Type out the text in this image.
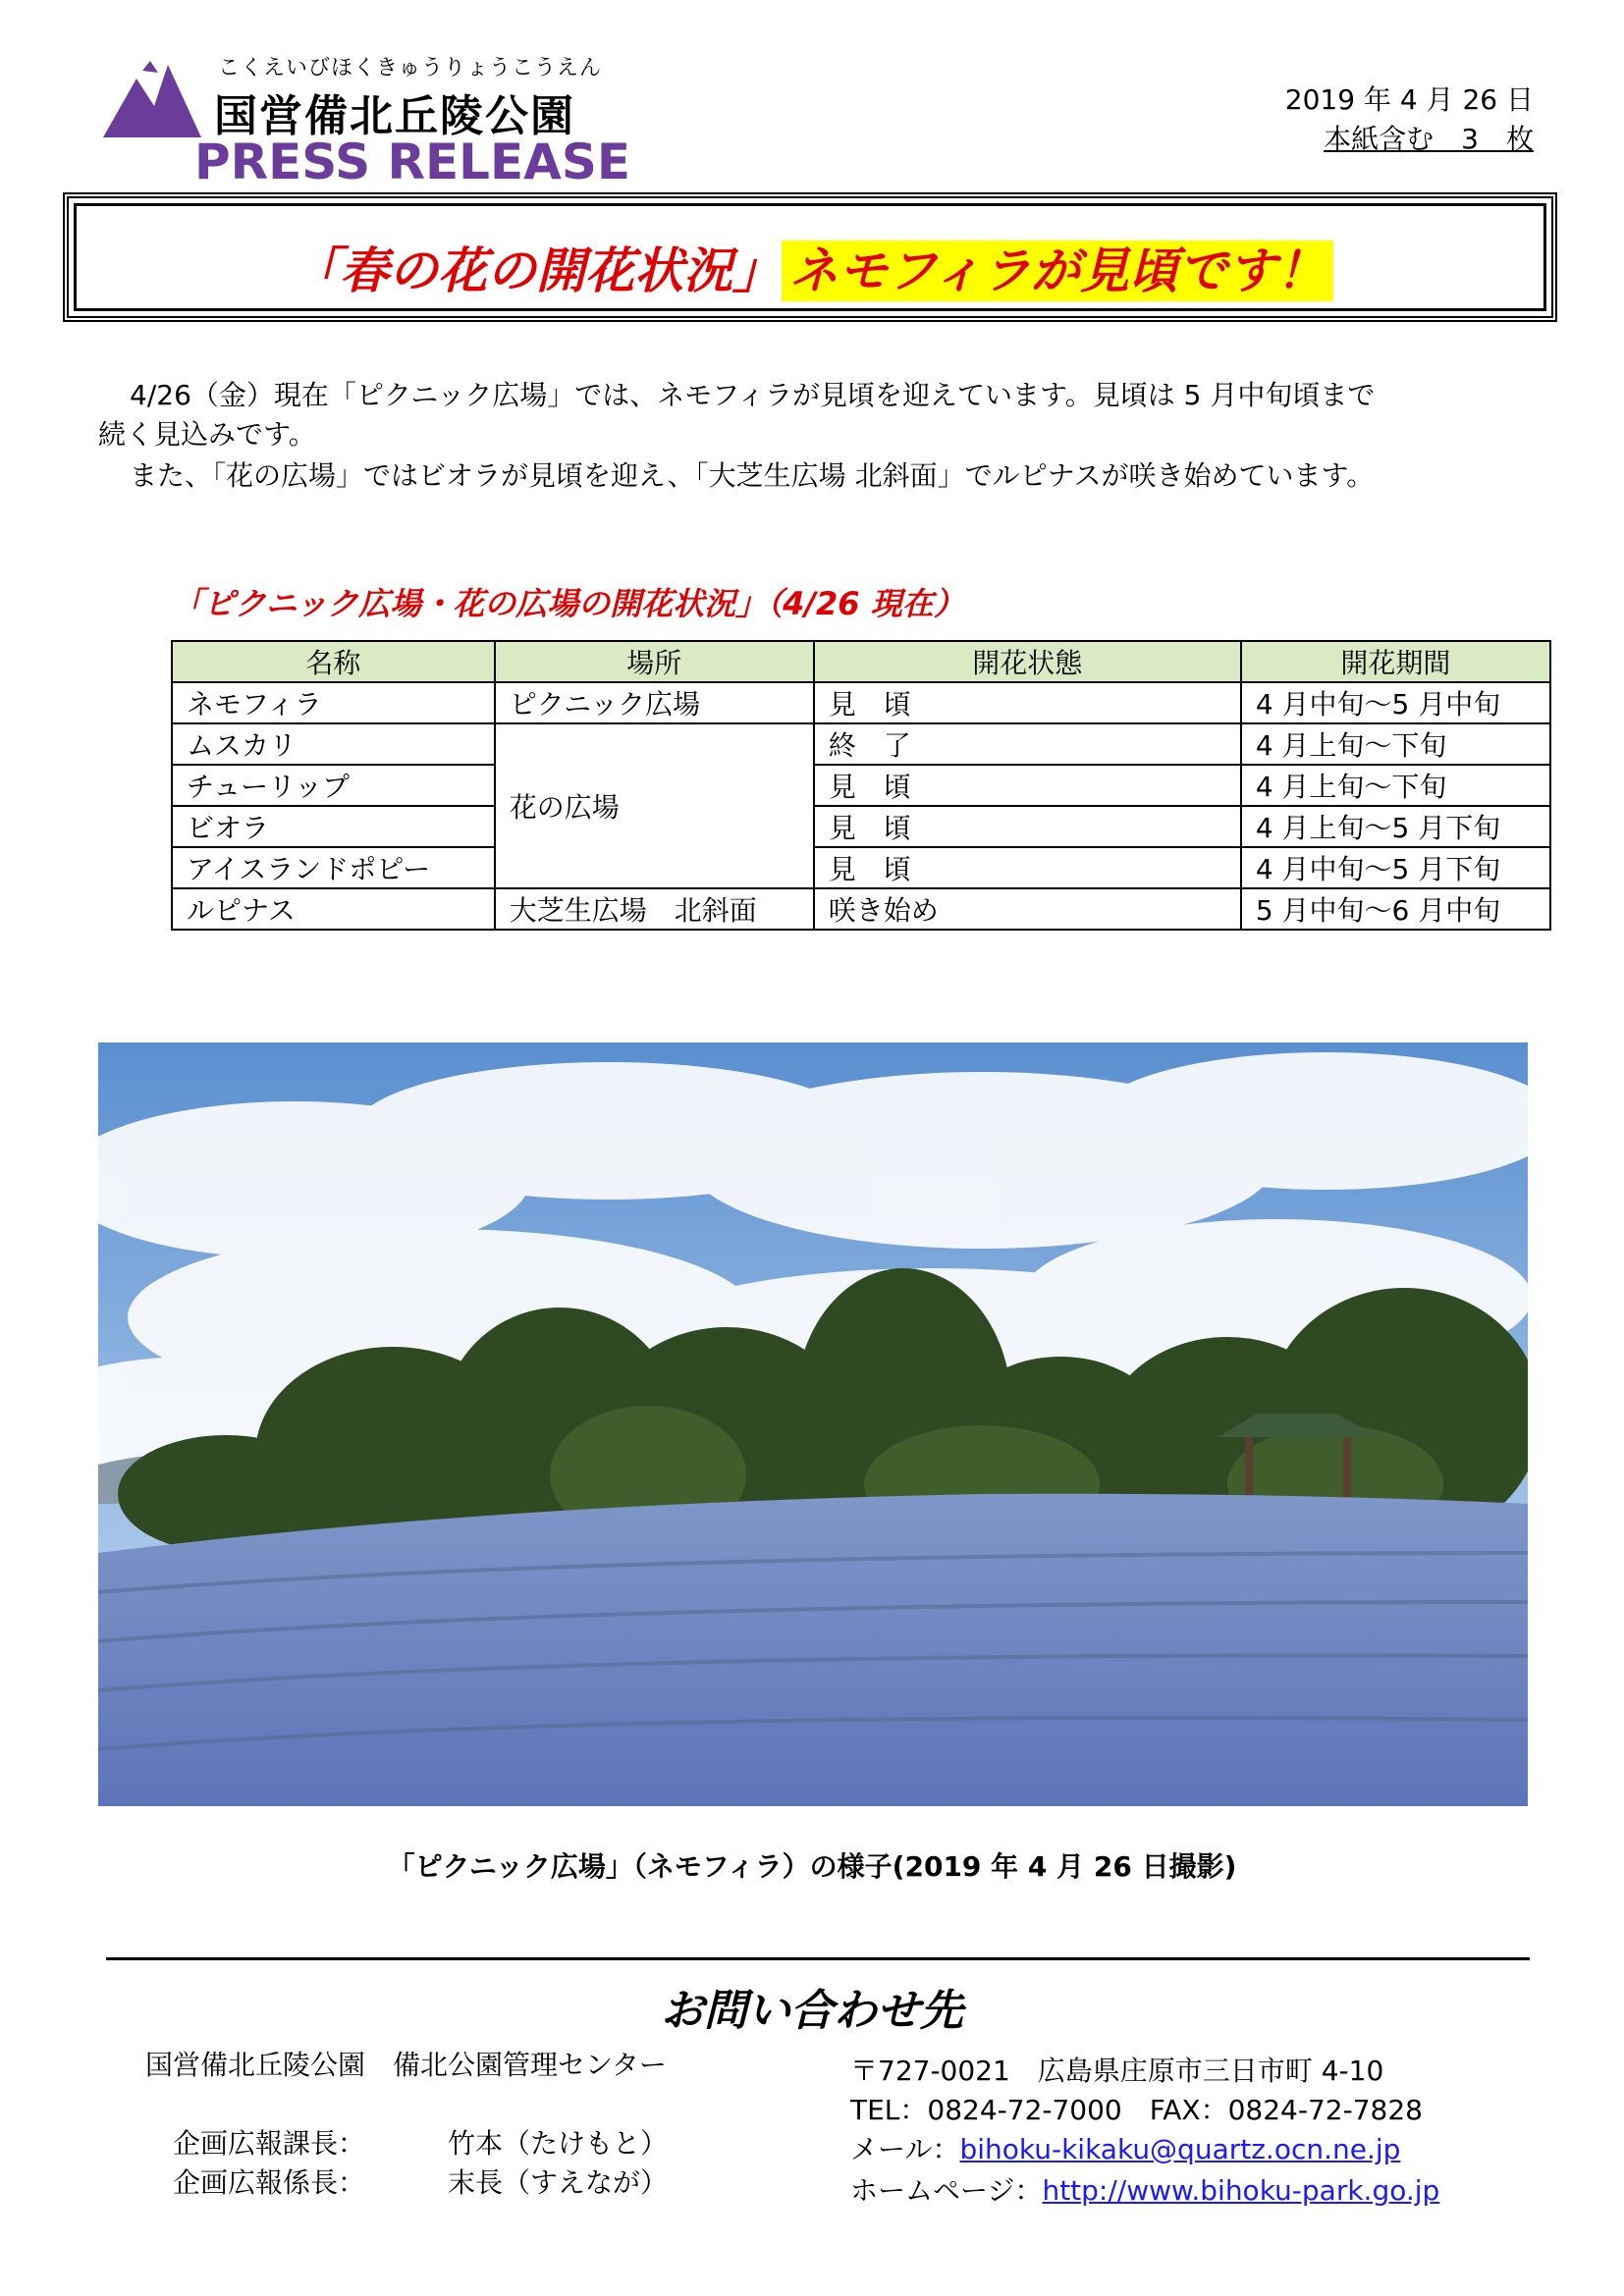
こくえいびほくきゅうりょうこうえん
国営備北丘陵公園
PRESS RELEASE
2019 年 4 月 26 日
本紙含む　3　枚
「春の花の開花状況」 ネモフィラが見頃です！
4/26（金）現在「ピクニック広場」では、ネモフィラが見頃を迎えています。見頃は 5 月中旬頃まで
続く見込みです。
また、「花の広場」ではビオラが見頃を迎え、「大芝生広場 北斜面」でルピナスが咲き始めています。
「ピクニック広場・花の広場の開花状況」（4/26 現在）
名称	場所	開花状態	開花期間
ネモフィラ	ピクニック広場	見　頃	4 月中旬～5 月中旬
ムスカリ	花の広場	終　了	4 月上旬～下旬
チューリップ		見　頃	4 月上旬～下旬
ビオラ		見　頃	4 月上旬～5 月下旬
アイスランドポピー		見　頃	4 月中旬～5 月下旬
ルピナス	大芝生広場　北斜面	咲き始め	5 月中旬～6 月中旬
「ピクニック広場」（ネモフィラ）の様子(2019 年 4 月 26 日撮影)
お問い合わせ先
国営備北丘陵公園　備北公園管理センター
企画広報課長：	竹本（たけもと）
企画広報係長：	末長（すえなが）
〒727-0021　広島県庄原市三日市町 4-10
TEL：0824-72-7000　FAX：0824-72-7828
メール：bihoku-kikaku@quartz.ocn.ne.jp
ホームページ：http://www.bihoku-park.go.jp
